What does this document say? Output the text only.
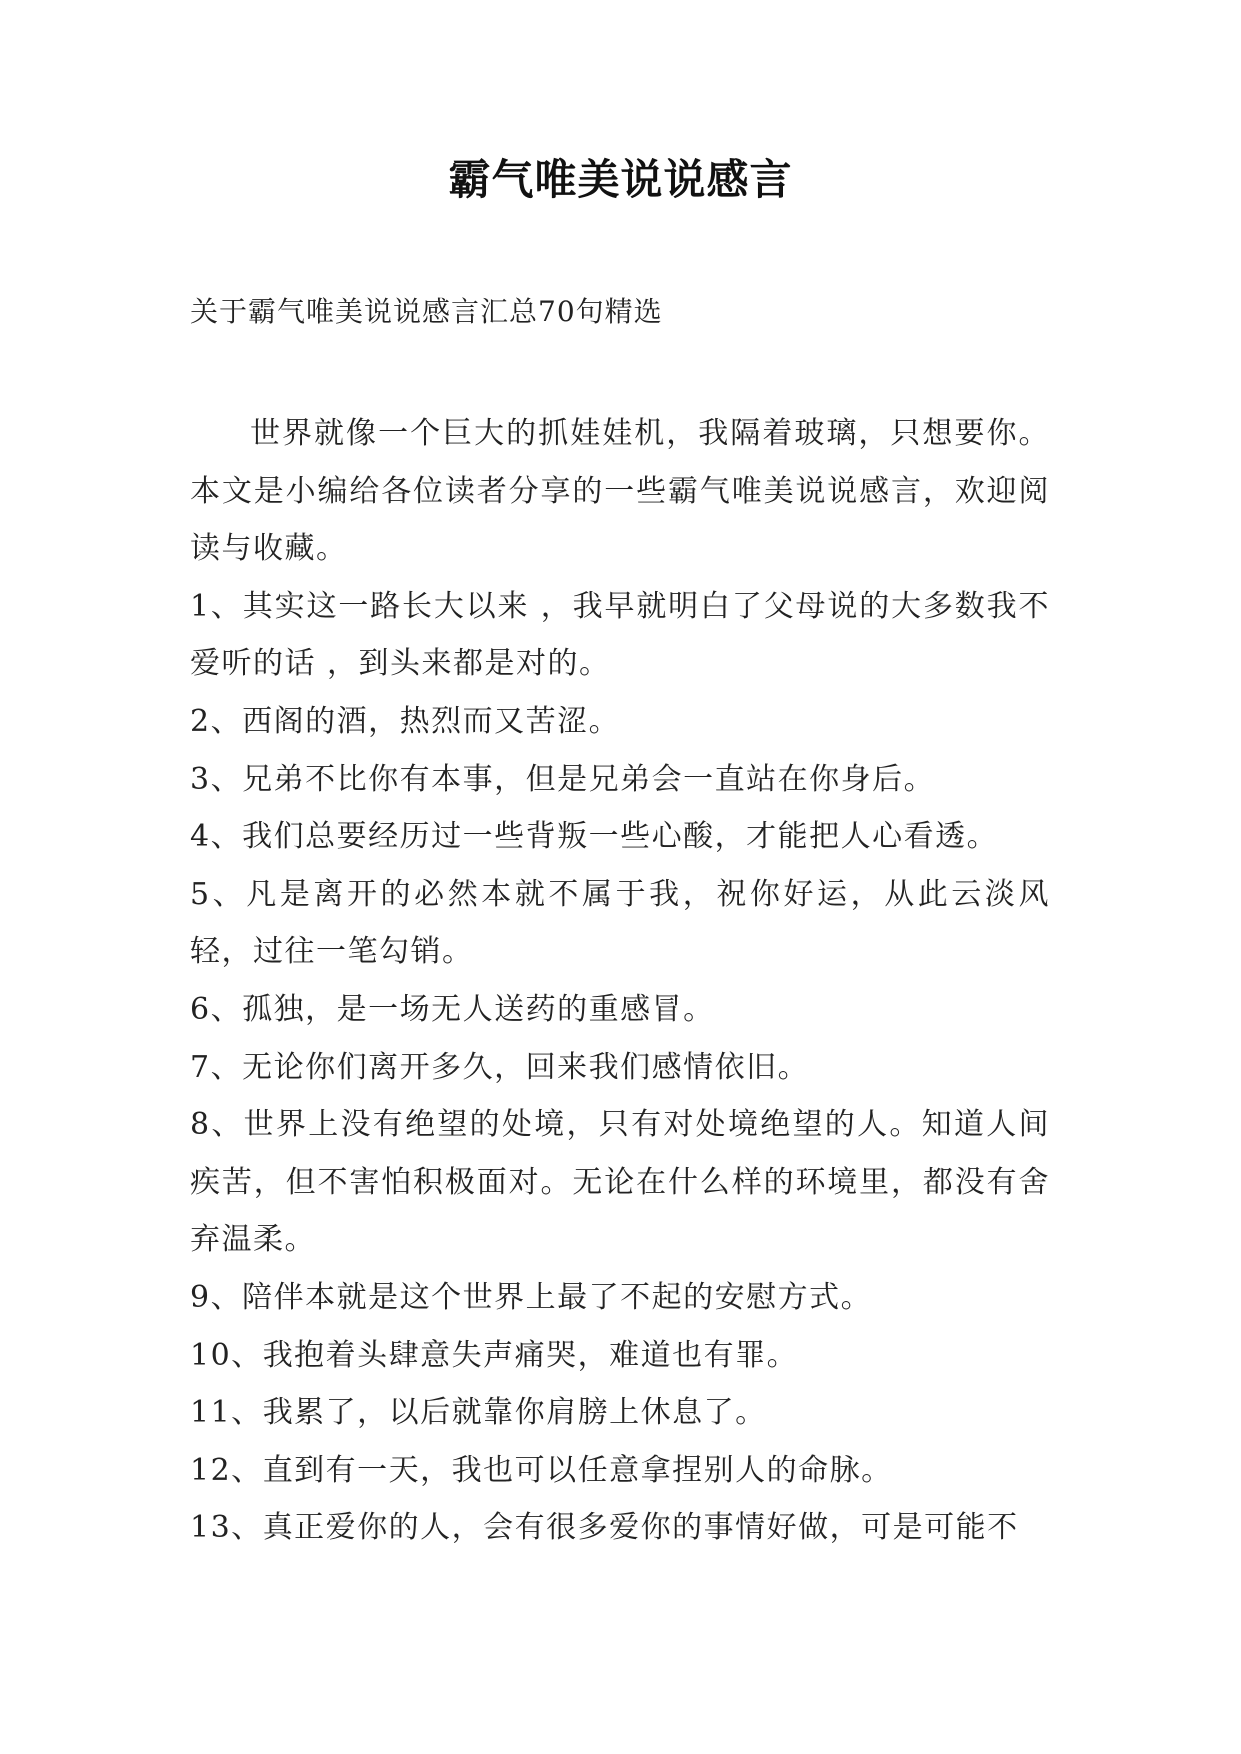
霸气唯美说说感言
关于霸气唯美说说感言汇总70句精选

世界就像一个巨大的抓娃娃机，我隔着玻璃，只想要你。本文是小编给各位读者分享的一些霸气唯美说说感言，欢迎阅读与收藏。

1、其实这一路长大以来 ，我早就明白了父母说的大多数我不爱听的话 ，到头来都是对的。
2、西阁的酒，热烈而又苦涩。
3、兄弟不比你有本事，但是兄弟会一直站在你身后。
4、我们总要经历过一些背叛一些心酸，才能把人心看透。
5、凡是离开的必然本就不属于我，祝你好运，从此云淡风轻，过往一笔勾销。
6、孤独，是一场无人送药的重感冒。
7、无论你们离开多久，回来我们感情依旧。
8、世界上没有绝望的处境，只有对处境绝望的人。知道人间疾苦，但不害怕积极面对。无论在什么样的环境里，都没有舍弃温柔。
9、陪伴本就是这个世界上最了不起的安慰方式。
10、我抱着头肆意失声痛哭，难道也有罪。
11、我累了，以后就靠你肩膀上休息了。
12、直到有一天，我也可以任意拿捏别人的命脉。
13、真正爱你的人，会有很多爱你的事情好做，可是可能不
